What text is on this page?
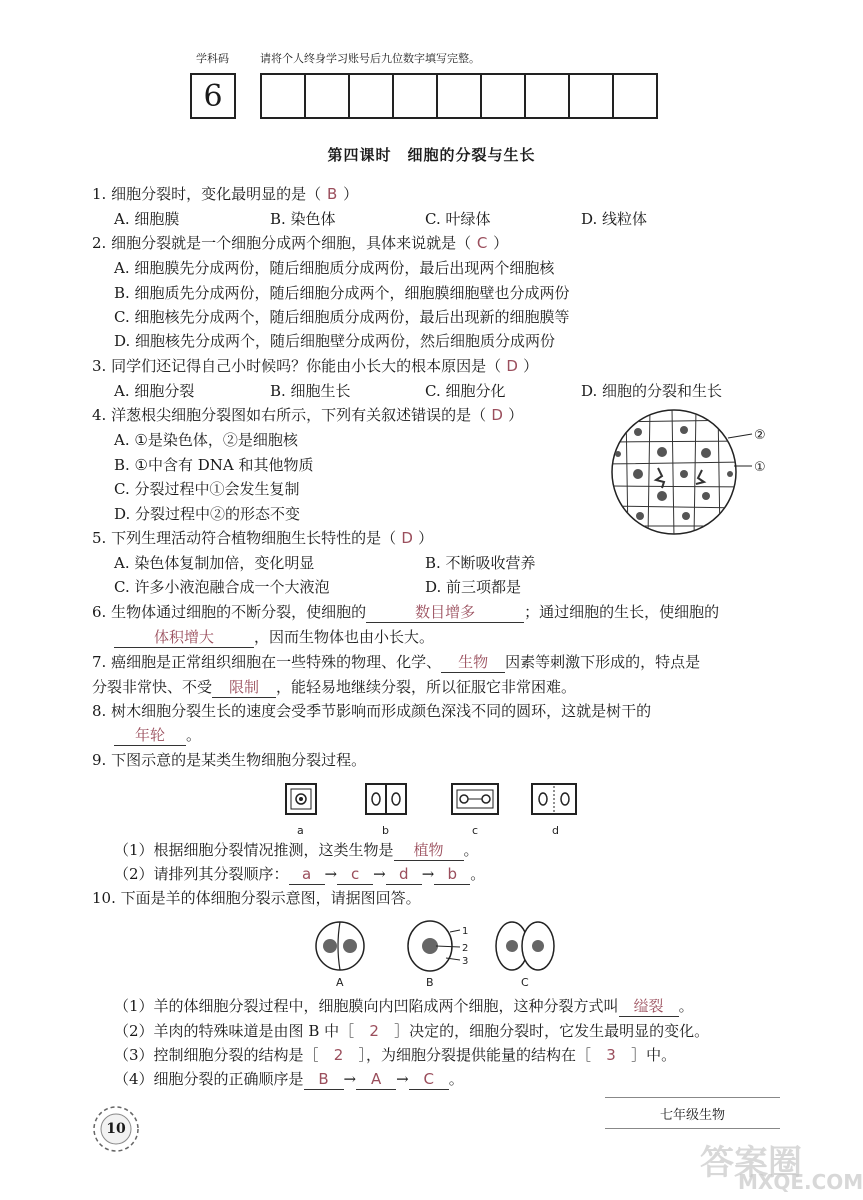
学科码	请将个人终身学习账号后九位数字填写完整。
6
第四课时　细胞的分裂与生长
1. 细胞分裂时，变化最明显的是（ B ）
A. 细胞膜	B. 染色体	C. 叶绿体	D. 线粒体
2. 细胞分裂就是一个细胞分成两个细胞，具体来说就是（ C ）
A. 细胞膜先分成两份，随后细胞质分成两份，最后出现两个细胞核
B. 细胞质先分成两份，随后细胞分成两个，细胞膜细胞壁也分成两份
C. 细胞核先分成两个，随后细胞质分成两份，最后出现新的细胞膜等
D. 细胞核先分成两个，随后细胞壁分成两份，然后细胞质分成两份
3. 同学们还记得自己小时候吗？你能由小长大的根本原因是（ D ）
A. 细胞分裂	B. 细胞生长	C. 细胞分化	D. 细胞的分裂和生长
4. 洋葱根尖细胞分裂图如右所示，下列有关叙述错误的是（ D ）
A. ①是染色体，②是细胞核
B. ①中含有 DNA 和其他物质
C. 分裂过程中①会发生复制
D. 分裂过程中②的形态不变
②
①
5. 下列生理活动符合植物细胞生长特性的是（ D ）
A. 染色体复制加倍，变化明显	B. 不断吸收营养
C. 许多小液泡融合成一个大液泡	D. 前三项都是
6. 生物体通过细胞的不断分裂，使细胞的	数目增多	；通过细胞的生长，使细胞的
体积增大	，因而生物体也由小长大。
7. 癌细胞是正常组织细胞在一些特殊的物理、化学、 生物 因素等刺激下形成的，特点是
分裂非常快、不受 限制 ，能轻易地继续分裂，所以征服它非常困难。
8. 树木细胞分裂生长的速度会受季节影响而形成颜色深浅不同的圆环，这就是树干的
年轮 。
9. 下图示意的是某类生物细胞分裂过程。
a	b	c	d
（1）根据细胞分裂情况推测，这类生物是 植物 。
（2）请排列其分裂顺序： a → c → d → b 。
10. 下面是羊的体细胞分裂示意图，请据图回答。
1
2
3
A	B	C
（1）羊的体细胞分裂过程中，细胞膜向内凹陷成两个细胞，这种分裂方式叫 缢裂 。
（2）羊肉的特殊味道是由图 B 中［ 2 ］决定的，细胞分裂时，它发生最明显的变化。
（3）控制细胞分裂的结构是［ 2 ］，为细胞分裂提供能量的结构在［ 3 ］中。
（4）细胞分裂的正确顺序是 B → A → C 。
10
七年级生物
答案圈
MXQE.COM
